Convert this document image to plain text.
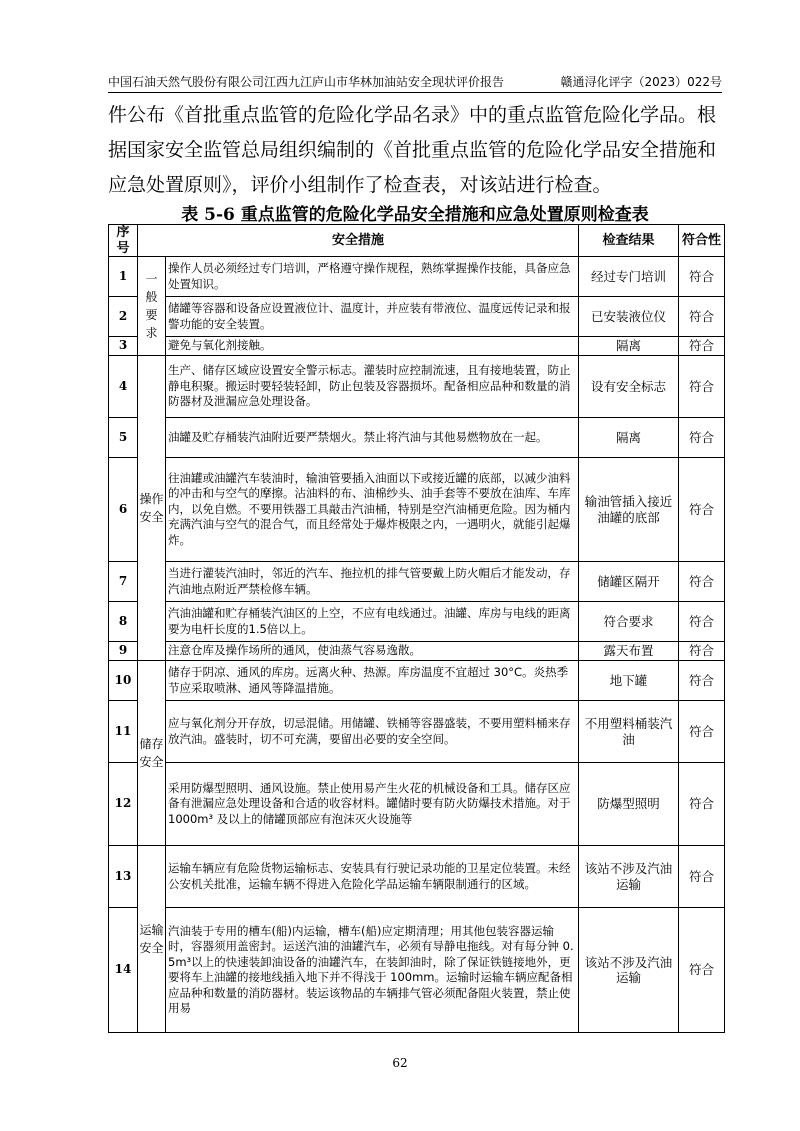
中国石油天然气股份有限公司江西九江庐山市华林加油站安全现状评价报告	赣通浔化评字（2023）022号
件公布《首批重点监管的危险化学品名录》中的重点监管危险化学品。根据国家安全监管总局组织编制的《首批重点监管的危险化学品安全措施和应急处置原则》，评价小组制作了检查表，对该站进行检查。
表 5-6 重点监管的危险化学品安全措施和应急处置原则检查表
序号	安全措施		检查结果	符合性
1	一般要求	操作人员必须经过专门培训，严格遵守操作规程，熟练掌握操作技能，具备应急处置知识。	经过专门培训	符合
2		储罐等容器和设备应设置液位计、温度计，并应装有带液位、温度远传记录和报警功能的安全装置。	已安装液位仪	符合
3		避免与氧化剂接触。	隔离	符合
4	操作安全	生产、储存区域应设置安全警示标志。灌装时应控制流速，且有接地装置，防止静电积聚。搬运时要轻装轻卸，防止包装及容器损坏。配备相应品种和数量的消防器材及泄漏应急处理设备。	设有安全标志	符合
5		油罐及贮存桶装汽油附近要严禁烟火。禁止将汽油与其他易燃物放在一起。	隔离	符合
6		往油罐或油罐汽车装油时，输油管要插入油面以下或接近罐的底部，以减少油料的冲击和与空气的摩擦。沾油料的布、油棉纱头、油手套等不要放在油库、车库内，以免自燃。不要用铁器工具敲击汽油桶，特别是空汽油桶更危险。因为桶内充满汽油与空气的混合气，而且经常处于爆炸极限之内，一遇明火，就能引起爆炸。	输油管插入接近油罐的底部	符合
7		当进行灌装汽油时，邻近的汽车、拖拉机的排气管要戴上防火帽后才能发动，存汽油地点附近严禁检修车辆。	储罐区隔开	符合
8		汽油油罐和贮存桶装汽油区的上空，不应有电线通过。油罐、库房与电线的距离要为电杆长度的1.5倍以上。	符合要求	符合
9		注意仓库及操作场所的通风，使油蒸气容易逸散。	露天布置	符合
10	储存安全	储存于阴凉、通风的库房。远离火种、热源。库房温度不宜超过 30°C。炎热季节应采取喷淋、通风等降温措施。	地下罐	符合
11		应与氧化剂分开存放，切忌混储。用储罐、铁桶等容器盛装，不要用塑料桶来存放汽油。盛装时，切不可充满，要留出必要的安全空间。	不用塑料桶装汽油	符合
12		采用防爆型照明、通风设施。禁止使用易产生火花的机械设备和工具。储存区应备有泄漏应急处理设备和合适的收容材料。罐储时要有防火防爆技术措施。对于 1000m³ 及以上的储罐顶部应有泡沫灭火设施等	防爆型照明	符合
13	运输安全	运输车辆应有危险货物运输标志、安装具有行驶记录功能的卫星定位装置。未经公安机关批准，运输车辆不得进入危险化学品运输车辆限制通行的区域。	该站不涉及汽油运输	符合
14		汽油装于专用的槽车(船)内运输，槽车(船)应定期清理；用其他包装容器运输时，容器须用盖密封。运送汽油的油罐汽车，必须有导静电拖线。对有每分钟 0.5m³以上的快速装卸油设备的油罐汽车，在装卸油时，除了保证铁链接地外，更要将车上油罐的接地线插入地下并不得浅于 100mm。运输时运输车辆应配备相应品种和数量的消防器材。装运该物品的车辆排气管必须配备阻火装置，禁止使用易	该站不涉及汽油运输	符合
62
